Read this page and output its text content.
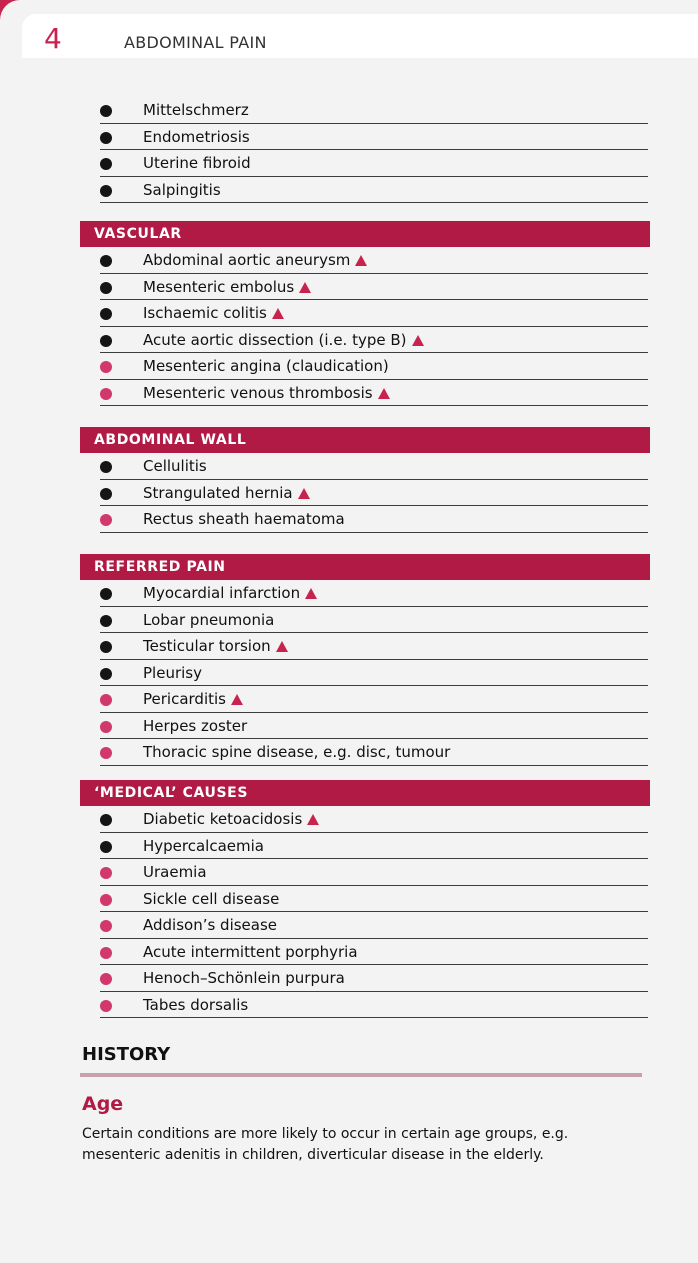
4	ABDOMINAL PAIN
Mittelschmerz
Endometriosis
Uterine fibroid
Salpingitis
VASCULAR
Abdominal aortic aneurysm
Mesenteric embolus
Ischaemic colitis
Acute aortic dissection (i.e. type B)
Mesenteric angina (claudication)
Mesenteric venous thrombosis
ABDOMINAL WALL
Cellulitis
Strangulated hernia
Rectus sheath haematoma
REFERRED PAIN
Myocardial infarction
Lobar pneumonia
Testicular torsion
Pleurisy
Pericarditis
Herpes zoster
Thoracic spine disease, e.g. disc, tumour
‘MEDICAL’ CAUSES
Diabetic ketoacidosis
Hypercalcaemia
Uraemia
Sickle cell disease
Addison’s disease
Acute intermittent porphyria
Henoch–Schönlein purpura
Tabes dorsalis
HISTORY
Age
Certain conditions are more likely to occur in certain age groups, e.g. mesenteric adenitis in children, diverticular disease in the elderly.
